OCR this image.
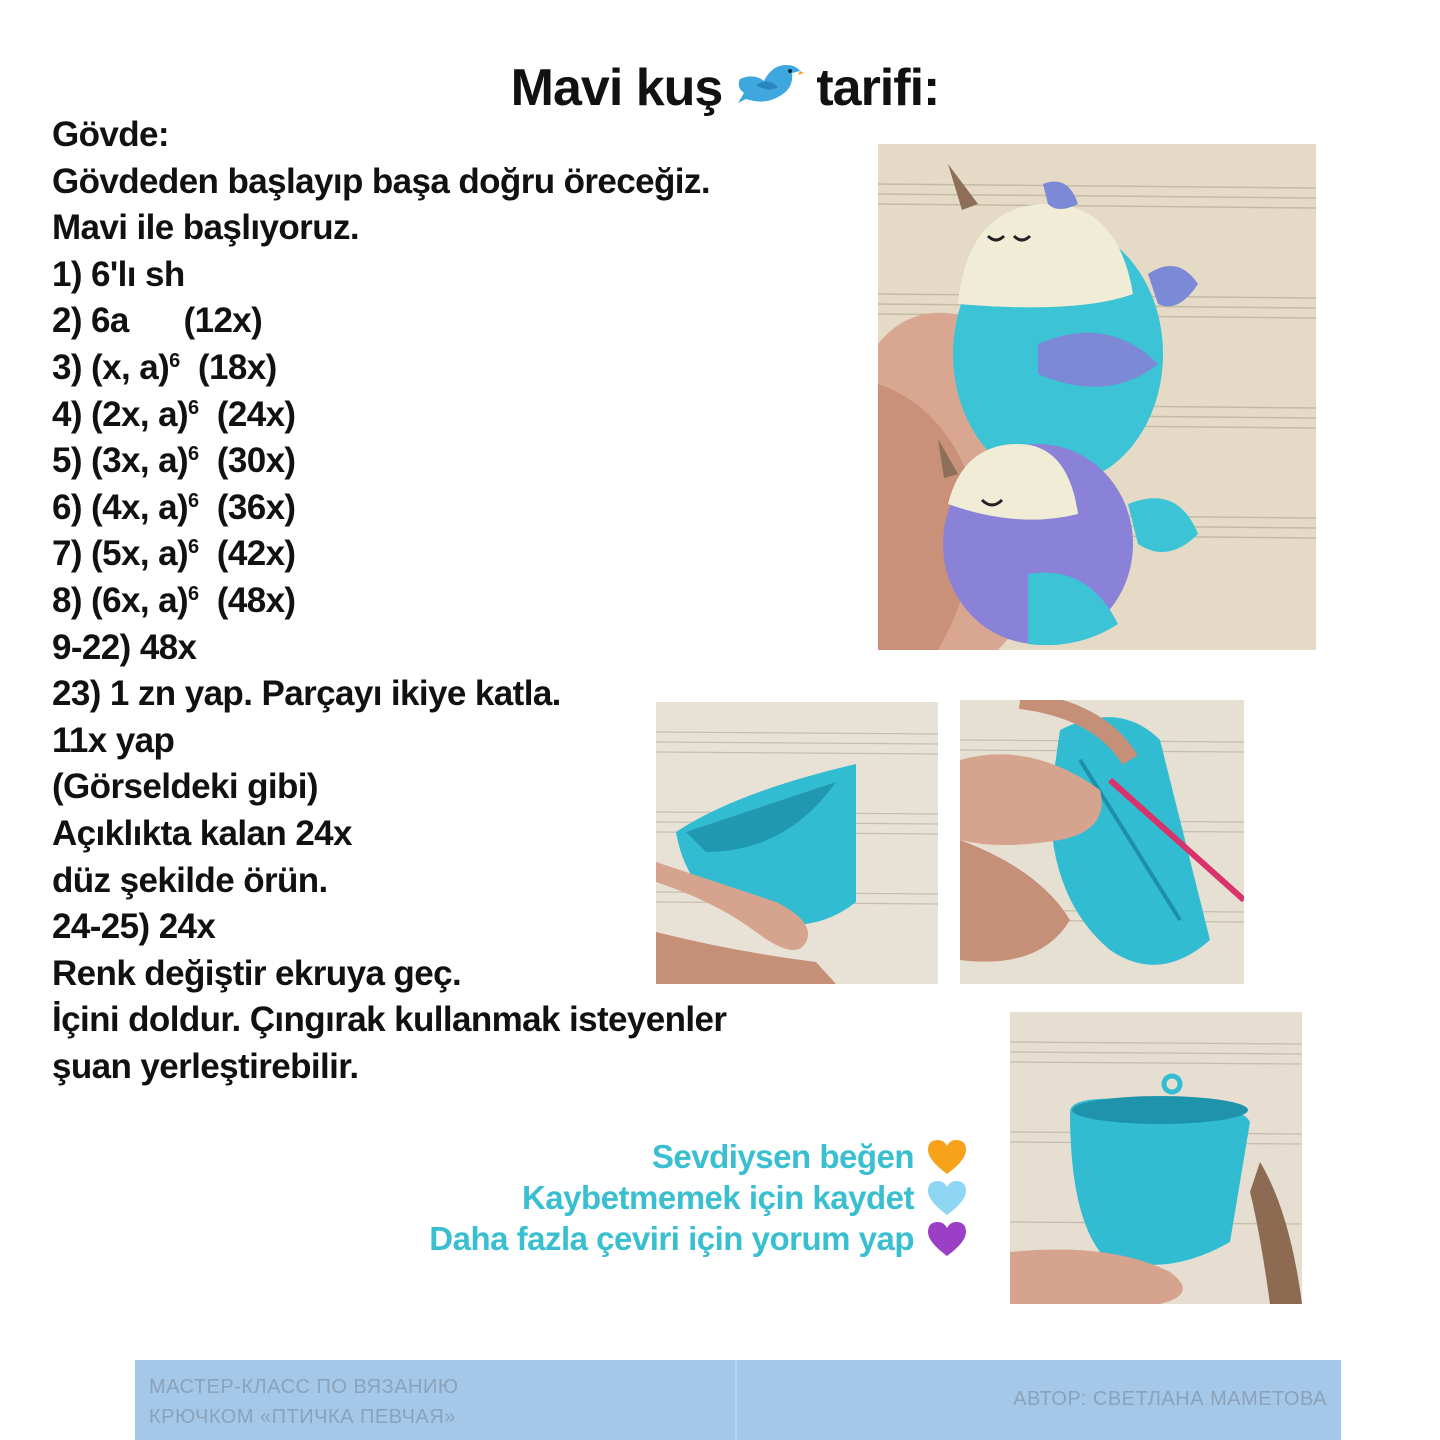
Mavi kuş tarifi:
Gövde:
Gövdeden başlayıp başa doğru öreceğiz.
Mavi ile başlıyoruz.
1) 6'lı sh
2) 6a      (12x)
3) (x, a)$^6$  (18x)
4) (2x, a)$^6$  (24x)
5) (3x, a)$^6$  (30x)
6) (4x, a)$^6$  (36x)
7) (5x, a)$^6$  (42x)
8) (6x, a)$^6$  (48x)
9-22) 48x
23) 1 zn yap. Parçayı ikiye katla.
11x yap
(Görseldeki gibi)
Açıklıkta kalan 24x
düz şekilde örün.
24-25) 24x
Renk değiştir ekruya geç.
İçini doldur. Çıngırak kullanmak isteyenler
şuan yerleştirebilir.
Sevdiysen beğen
Kaybetmemek için kaydet
Daha fazla çeviri için yorum yap
МАСТЕР-КЛАСС ПО ВЯЗАНИЮ
КРЮЧКОМ «ПТИЧКА ПЕВЧАЯ»
АВТОР: СВЕТЛАНА МАМЕТОВА
